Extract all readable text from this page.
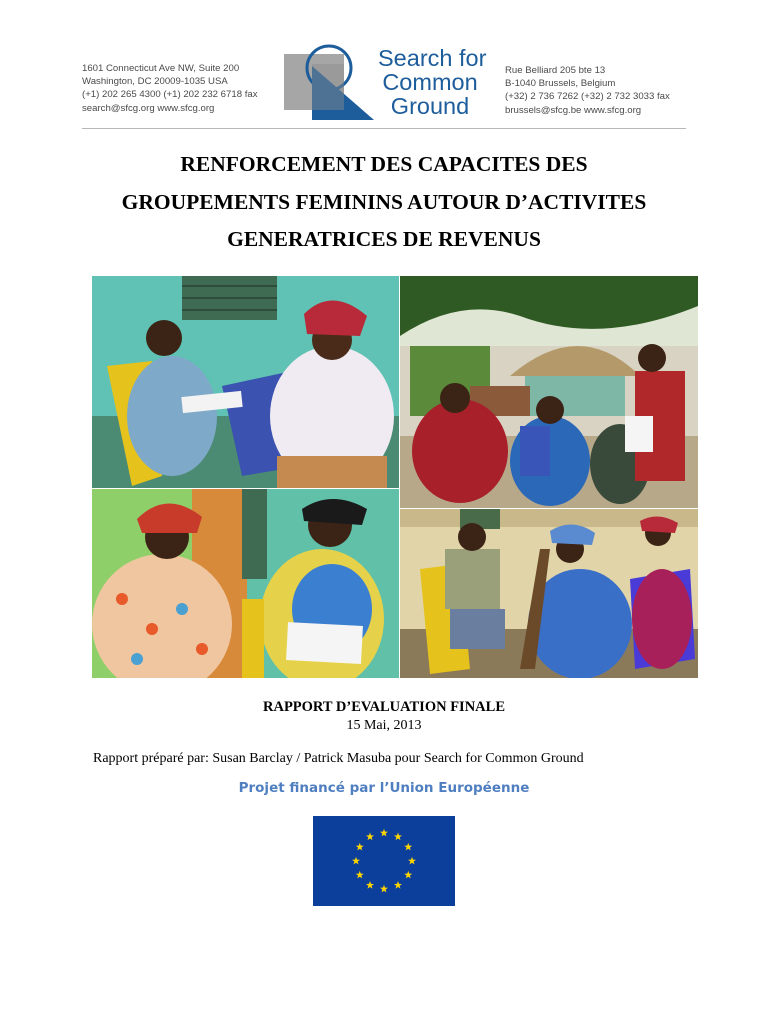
1601 Connecticut Ave NW, Suite 200
Washington, DC 20009-1035 USA
(+1) 202 265 4300 (+1) 202 232 6718 fax
search@sfcg.org www.sfcg.org
Search for
Common
Ground
Rue Belliard 205 bte 13
B-1040 Brussels, Belgium
(+32) 2 736 7262 (+32) 2 732 3033 fax
brussels@sfcg.be www.sfcg.org
RENFORCEMENT DES CAPACITES DES
GROUPEMENTS FEMININS AUTOUR D’ACTIVITES
GENERATRICES DE REVENUS
RAPPORT D’EVALUATION FINALE
15 Mai, 2013
Rapport préparé par: Susan Barclay / Patrick Masuba pour Search for Common Ground
Projet financé par l’Union Européenne
